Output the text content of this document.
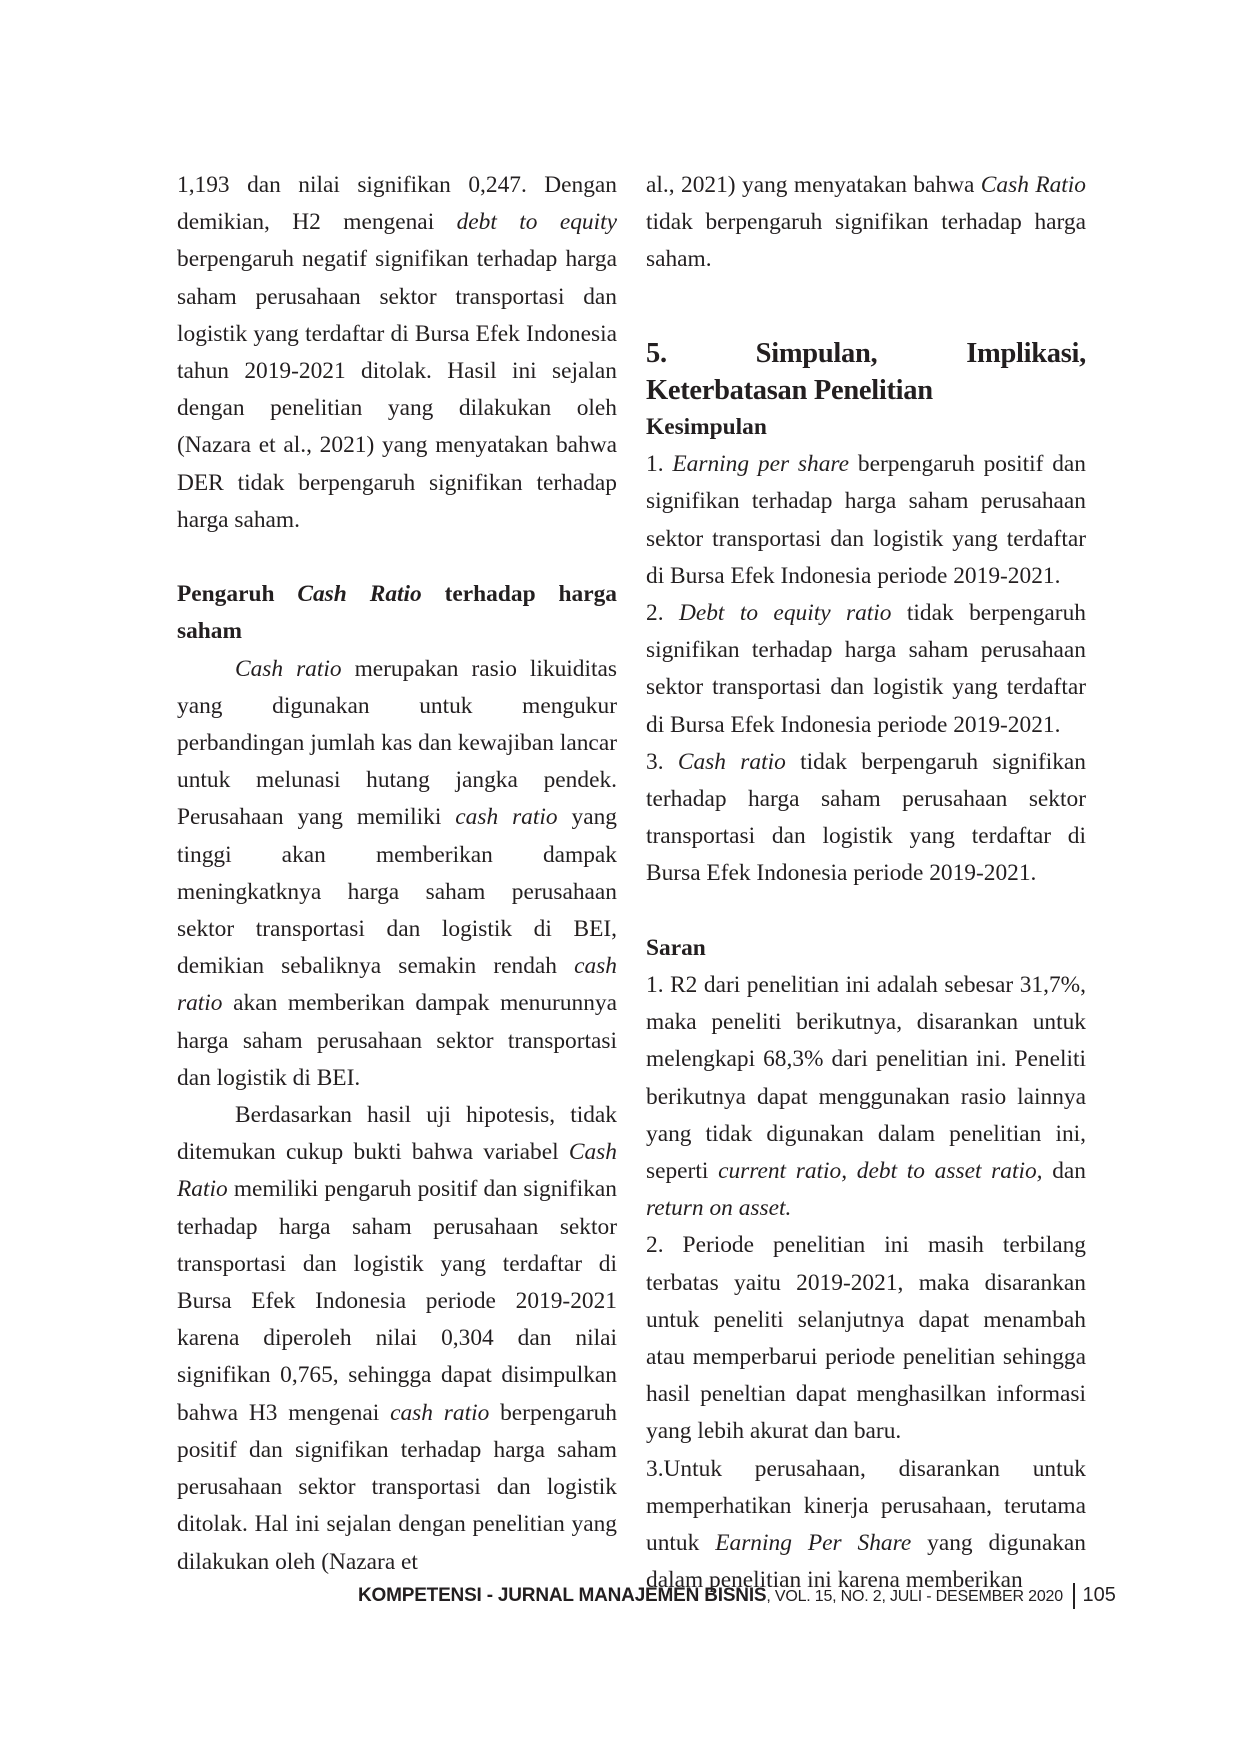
1,193 dan nilai signifikan 0,247. Dengan demikian, H2 mengenai debt to equity berpengaruh negatif signifikan terhadap harga saham perusahaan sektor transportasi dan logistik yang terdaftar di Bursa Efek Indonesia tahun 2019-2021 ditolak. Hasil ini sejalan dengan penelitian yang dilakukan oleh (Nazara et al., 2021) yang menyatakan bahwa DER tidak berpengaruh signifikan terhadap harga saham.

Pengaruh Cash Ratio terhadap harga saham

Cash ratio merupakan rasio likuiditas yang digunakan untuk mengukur perbandingan jumlah kas dan kewajiban lancar untuk melunasi hutang jangka pendek. Perusahaan yang memiliki cash ratio yang tinggi akan memberikan dampak meningkatknya harga saham perusahaan sektor transportasi dan logistik di BEI, demikian sebaliknya semakin rendah cash ratio akan memberikan dampak menurunnya harga saham perusahaan sektor transportasi dan logistik di BEI.

Berdasarkan hasil uji hipotesis, tidak ditemukan cukup bukti bahwa variabel Cash Ratio memiliki pengaruh positif dan signifikan terhadap harga saham perusahaan sektor transportasi dan logistik yang terdaftar di Bursa Efek Indonesia periode 2019-2021 karena diperoleh nilai 0,304 dan nilai signifikan 0,765, sehingga dapat disimpulkan bahwa H3 mengenai cash ratio berpengaruh positif dan signifikan terhadap harga saham perusahaan sektor transportasi dan logistik ditolak. Hal ini sejalan dengan penelitian yang dilakukan oleh (Nazara et

al., 2021) yang menyatakan bahwa Cash Ratio tidak berpengaruh signifikan terhadap harga saham.

5. Simpulan, Implikasi, Keterbatasan Penelitian

Kesimpulan

1. Earning per share berpengaruh positif dan signifikan terhadap harga saham perusahaan sektor transportasi dan logistik yang terdaftar di Bursa Efek Indonesia periode 2019-2021.

2. Debt to equity ratio tidak berpengaruh signifikan terhadap harga saham perusahaan sektor transportasi dan logistik yang terdaftar di Bursa Efek Indonesia periode 2019-2021.

3. Cash ratio tidak berpengaruh signifikan terhadap harga saham perusahaan sektor transportasi dan logistik yang terdaftar di Bursa Efek Indonesia periode 2019-2021.

Saran

1. R2 dari penelitian ini adalah sebesar 31,7%, maka peneliti berikutnya, disarankan untuk melengkapi 68,3% dari penelitian ini. Peneliti berikutnya dapat menggunakan rasio lainnya yang tidak digunakan dalam penelitian ini, seperti current ratio, debt to asset ratio, dan return on asset.

2. Periode penelitian ini masih terbilang terbatas yaitu 2019-2021, maka disarankan untuk peneliti selanjutnya dapat menambah atau memperbarui periode penelitian sehingga hasil peneltian dapat menghasilkan informasi yang lebih akurat dan baru.

3.Untuk perusahaan, disarankan untuk memperhatikan kinerja perusahaan, terutama untuk Earning Per Share yang digunakan dalam penelitian ini karena memberikan

KOMPETENSI - JURNAL MANAJEMEN BISNIS, VOL. 15, NO. 2, JULI - DESEMBER 2020 105
